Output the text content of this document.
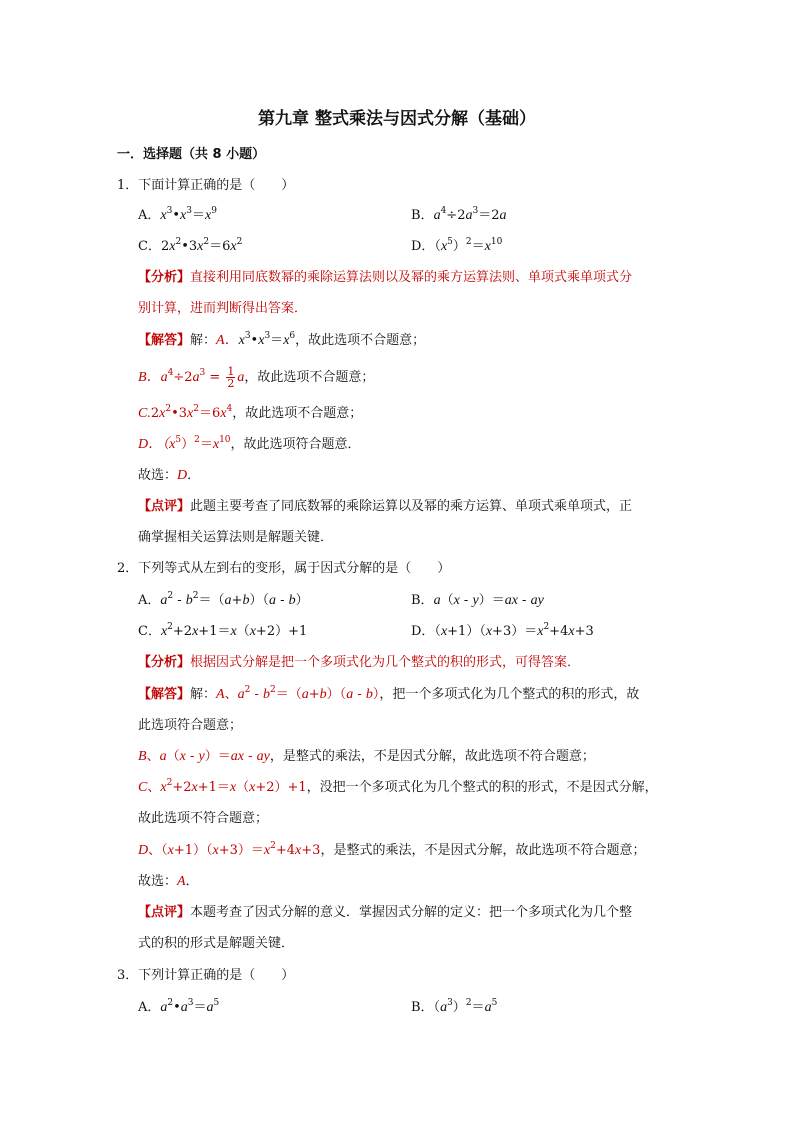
第九章 整式乘法与因式分解（基础）
一．选择题（共 8 小题）
1．下面计算正确的是（　　）
A．$x^3•x^3=x^9$	B．$a^4\div 2a^3=2a$
C．$2x^2•3x^2=6x^2$	D．$(x^5)^2=x^{10}$
【分析】直接利用同底数幂的乘除运算法则以及幂的乘方运算法则、单项式乘单项式分
别计算，进而判断得出答案．
【解答】解：A．$x^3•x^3=x^6$，故此选项不合题意；
B．$a^4\div 2a^3 = \frac{1}{2}$ a，故此选项不合题意；
$C.2x^2•3x^2=6x^4$，故此选项不合题意；
D．$(x^5)^2=x^{10}$，故此选项符合题意．
故选：D．
【点评】此题主要考查了同底数幂的乘除运算以及幂的乘方运算、单项式乘单项式，正
确掌握相关运算法则是解题关键．
2．下列等式从左到右的变形，属于因式分解的是（　　）
A．$a^2 - b^2=(a+b)(a - b)$	B．a（x - y）＝ax - ay
C．$x^2+2x+1=x(x+2)+1$	D．$(x+1)(x+3)=x^2+4x+3$
【分析】根据因式分解是把一个多项式化为几个整式的积的形式，可得答案．
【解答】解：A、$a^2 - b^2=(a+b)(a - b)$，把一个多项式化为几个整式的积的形式，故
此选项符合题意；
B、a（x - y）＝ax - ay，是整式的乘法，不是因式分解，故此选项不符合题意；
C、$x^2+2x+1=x(x+2)+1$，没把一个多项式化为几个整式的积的形式，不是因式分解，
故此选项不符合题意；
D、$(x+1)(x+3)=x^2+4x+3$，是整式的乘法，不是因式分解，故此选项不符合题意；
故选：A．
【点评】本题考查了因式分解的意义．掌握因式分解的定义：把一个多项式化为几个整
式的积的形式是解题关键．
3．下列计算正确的是（　　）
A．$a^2•a^3=a^5$	B．$(a^3)^2=a^5$
